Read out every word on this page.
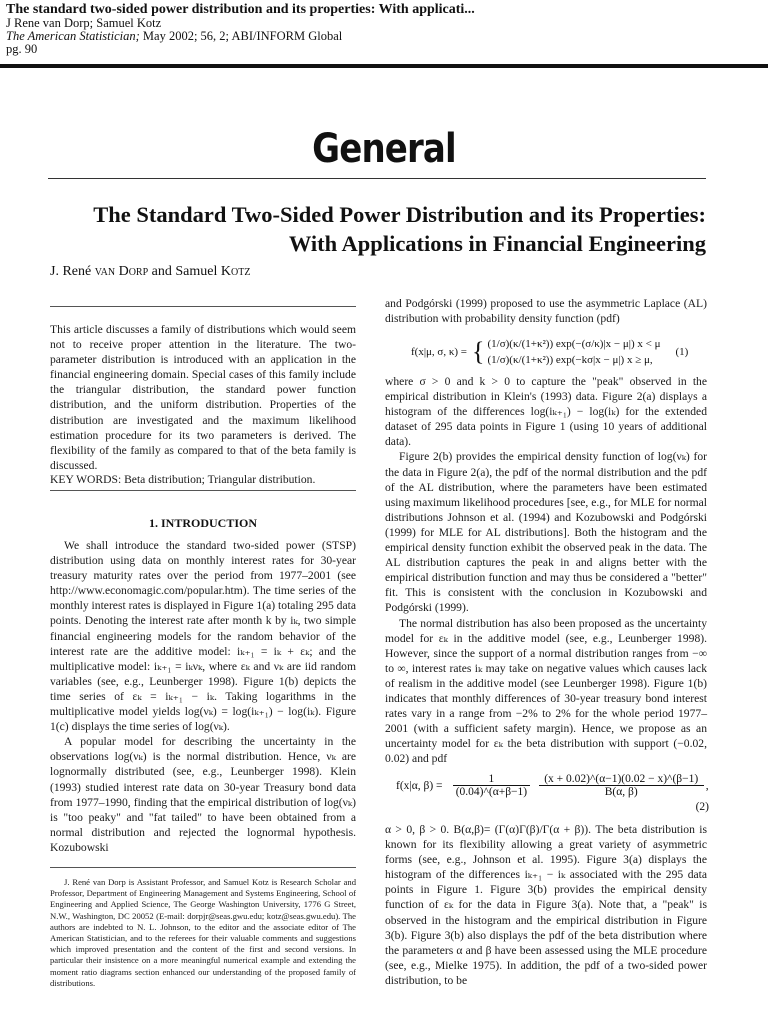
The standard two-sided power distribution and its properties: With applicati...
J Rene van Dorp; Samuel Kotz
The American Statistician; May 2002; 56, 2; ABI/INFORM Global
pg. 90
General
The Standard Two-Sided Power Distribution and its Properties:
With Applications in Financial Engineering
J. René van Dorp and Samuel Kotz

This article discusses a family of distributions which would seem not to receive proper attention in the literature. The two-parameter distribution is introduced with an application in the financial engineering domain. Special cases of this family include the triangular distribution, the standard power function distribution, and the uniform distribution. Properties of the distribution are investigated and the maximum likelihood estimation procedure for its two parameters is derived. The flexibility of the family as compared to that of the beta family is discussed.

KEY WORDS: Beta distribution; Triangular distribution.

1. INTRODUCTION

We shall introduce the standard two-sided power (STSP) distribution using data on monthly interest rates for 30-year treasury maturity rates over the period from 1977–2001 (see http://www.economagic.com/popular.htm). The time series of the monthly interest rates is displayed in Figure 1(a) totaling 295 data points. Denoting the interest rate after month k by iₖ, two simple financial engineering models for the random behavior of the interest rate are the additive model: iₖ₊₁ = iₖ + εₖ; and the multiplicative model: iₖ₊₁ = iₖνₖ, where εₖ and νₖ are iid random variables (see, e.g., Leunberger 1998). Figure 1(b) depicts the time series of εₖ = iₖ₊₁ − iₖ. Taking logarithms in the multiplicative model yields log(νₖ) = log(iₖ₊₁) − log(iₖ). Figure 1(c) displays the time series of log(νₖ).

A popular model for describing the uncertainty in the observations log(νₖ) is the normal distribution. Hence, νₖ are lognormally distributed (see, e.g., Leunberger 1998). Klein (1993) studied interest rate data on 30-year Treasury bond data from 1977–1990, finding that the empirical distribution of log(νₖ) is "too peaky" and "fat tailed" to have been obtained from a normal distribution and rejected the lognormal hypothesis. Kozubowski

J. René van Dorp is Assistant Professor, and Samuel Kotz is Research Scholar and Professor, Department of Engineering Management and Systems Engineering, School of Engineering and Applied Science, The George Washington University, 1776 G Street, N.W., Washington, DC 20052 (E-mail: dorpjr@seas.gwu.edu; kotz@seas.gwu.edu). The authors are indebted to N. L. Johnson, to the editor and the associate editor of The American Statistician, and to the referees for their valuable comments and suggestions which improved presentation and the content of the first and second versions. In particular their insistence on a more meaningful numerical example and extending the moment ratio diagrams section enhanced our understanding of the proposed family of distributions.

and Podgórski (1999) proposed to use the asymmetric Laplace (AL) distribution with probability density function (pdf)

f(x|μ, σ, κ) =	{	(1/σ)(κ/(1+κ²)) exp(−(σ/κ)|x − μ|) x < μ	(1)
(1/σ)(κ/(1+κ²)) exp(−kσ|x − μ|) x ≥ μ,

where σ > 0 and k > 0 to capture the "peak" observed in the empirical distribution in Klein's (1993) data. Figure 2(a) displays a histogram of the differences log(iₖ₊₁) − log(iₖ) for the extended dataset of 295 data points in Figure 1 (using 10 years of additional data).

Figure 2(b) provides the empirical density function of log(νₖ) for the data in Figure 2(a), the pdf of the normal distribution and the pdf of the AL distribution, where the parameters have been estimated using maximum likelihood procedures [see, e.g., for MLE for normal distributions Johnson et al. (1994) and Kozubowski and Podgórski (1999) for MLE for AL distributions]. Both the histogram and the empirical density function exhibit the observed peak in the data. The AL distribution captures the peak in and aligns better with the empirical distribution function and may thus be considered a "better" fit. This is consistent with the conclusion in Kozubowski and Podgórski (1999).

The normal distribution has also been proposed as the uncertainty model for εₖ in the additive model (see, e.g., Leunberger 1998). However, since the support of a normal distribution ranges from −∞ to ∞, interest rates iₖ may take on negative values which causes lack of realism in the additive model (see Leunberger 1998). Figure 1(b) indicates that monthly differences of 30-year treasury bond interest rates vary in a range from −2% to 2% for the whole period 1977–2001 (with a sufficient safety margin). Hence, we propose as an uncertainty model for εₖ the beta distribution with support (−0.02, 0.02) and pdf

f(x|α, β) =	
1
(0.04)^(α+β−1)

(x + 0.02)^(α−1)(0.02 − x)^(β−1)
B(α, β)
	,
(2)

α > 0, β > 0. B(α,β)= (Γ(α)Γ(β)/Γ(α + β)). The beta distribution is known for its flexibility allowing a great variety of asymmetric forms (see, e.g., Johnson et al. 1995). Figure 3(a) displays the histogram of the differences iₖ₊₁ − iₖ associated with the 295 data points in Figure 1. Figure 3(b) provides the empirical density function of εₖ for the data in Figure 3(a). Note that, a "peak" is observed in the histogram and the empirical distribution in Figure 3(b). Figure 3(b) also displays the pdf of the beta distribution where the parameters α and β have been assessed using the MLE procedure (see, e.g., Mielke 1975). In addition, the pdf of a two-sided power distribution, to be
